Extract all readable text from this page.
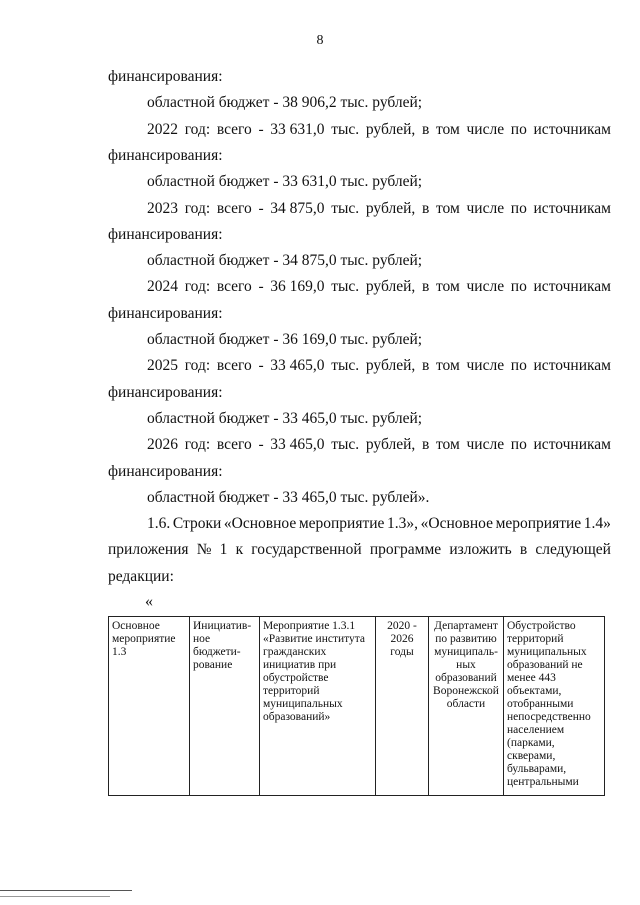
8
финансирования:
областной бюджет - 38 906,2 тыс. рублей;
2022 год: всего - 33 631,0 тыс. рублей, в том числе по источникам
финансирования:
областной бюджет - 33 631,0 тыс. рублей;
2023 год: всего - 34 875,0 тыс. рублей, в том числе по источникам
финансирования:
областной бюджет - 34 875,0 тыс. рублей;
2024 год: всего - 36 169,0 тыс. рублей, в том числе по источникам
финансирования:
областной бюджет - 36 169,0 тыс. рублей;
2025 год: всего - 33 465,0 тыс. рублей, в том числе по источникам
финансирования:
областной бюджет - 33 465,0 тыс. рублей;
2026 год: всего - 33 465,0 тыс. рублей, в том числе по источникам
финансирования:
областной бюджет - 33 465,0 тыс. рублей».
1.6. Строки «Основное мероприятие 1.3», «Основное мероприятие 1.4»
приложения № 1 к государственной программе изложить в следующей
редакции:
«
Основное
мероприятие
1.3

Инициатив-
ное
бюджети-
рование

Мероприятие 1.3.1
«Развитие института
гражданских
инициатив при
обустройстве
территорий
муниципальных
образований»

2020 -
2026
годы

Департамент
по развитию
муниципаль-
ных
образований
Воронежской
области

Обустройство
территорий
муниципальных
образований не
менее 443
объектами,
отобранными
непосредственно
населением
(парками,
скверами,
бульварами,
центральными
